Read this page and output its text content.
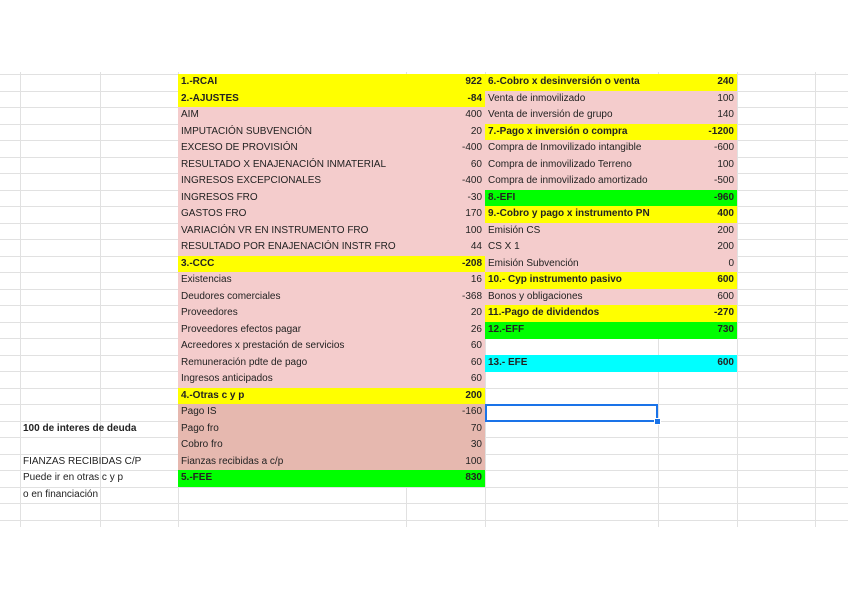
100 de interes de deuda
FIANZAS RECIBIDAS C/P
Puede ir en otras c y p
o en financiación
1.-RCAI	922
2.-AJUSTES	-84
AIM	400
IMPUTACIÓN SUBVENCIÓN	20
EXCESO DE PROVISIÓN	-400
RESULTADO X ENAJENACIÓN INMATERIAL	60
INGRESOS EXCEPCIONALES	-400
INGRESOS FRO	-30
GASTOS FRO	170
VARIACIÓN VR EN INSTRUMENTO FRO	100
RESULTADO POR ENAJENACIÓN INSTR FRO	44
3.-CCC	-208
Existencias	16
Deudores comerciales	-368
Proveedores	20
Proveedores efectos pagar	26
Acreedores x prestación de servicios	60
Remuneración pdte de pago	60
Ingresos anticipados	60
4.-Otras c y p	200
Pago IS	-160
Pago fro	70
Cobro fro	30
Fianzas recibidas a c/p	100
5.-FEE	830
6.-Cobro x desinversión o venta	240
Venta de inmovilizado	100
Venta de inversión de grupo	140
7.-Pago x inversión o compra	-1200
Compra de Inmovilizado intangible	-600
Compra de inmovilizado Terreno	100
Compra de inmovilizado amortizado	-500
8.-EFI	-960
9.-Cobro y pago x instrumento PN	400
Emisión CS	200
CS X 1	200
Emisión Subvención	0
10.- Cyp instrumento pasivo	600
Bonos y obligaciones	600
11.-Pago de dividendos	-270
12.-EFF	730
13.- EFE	600
